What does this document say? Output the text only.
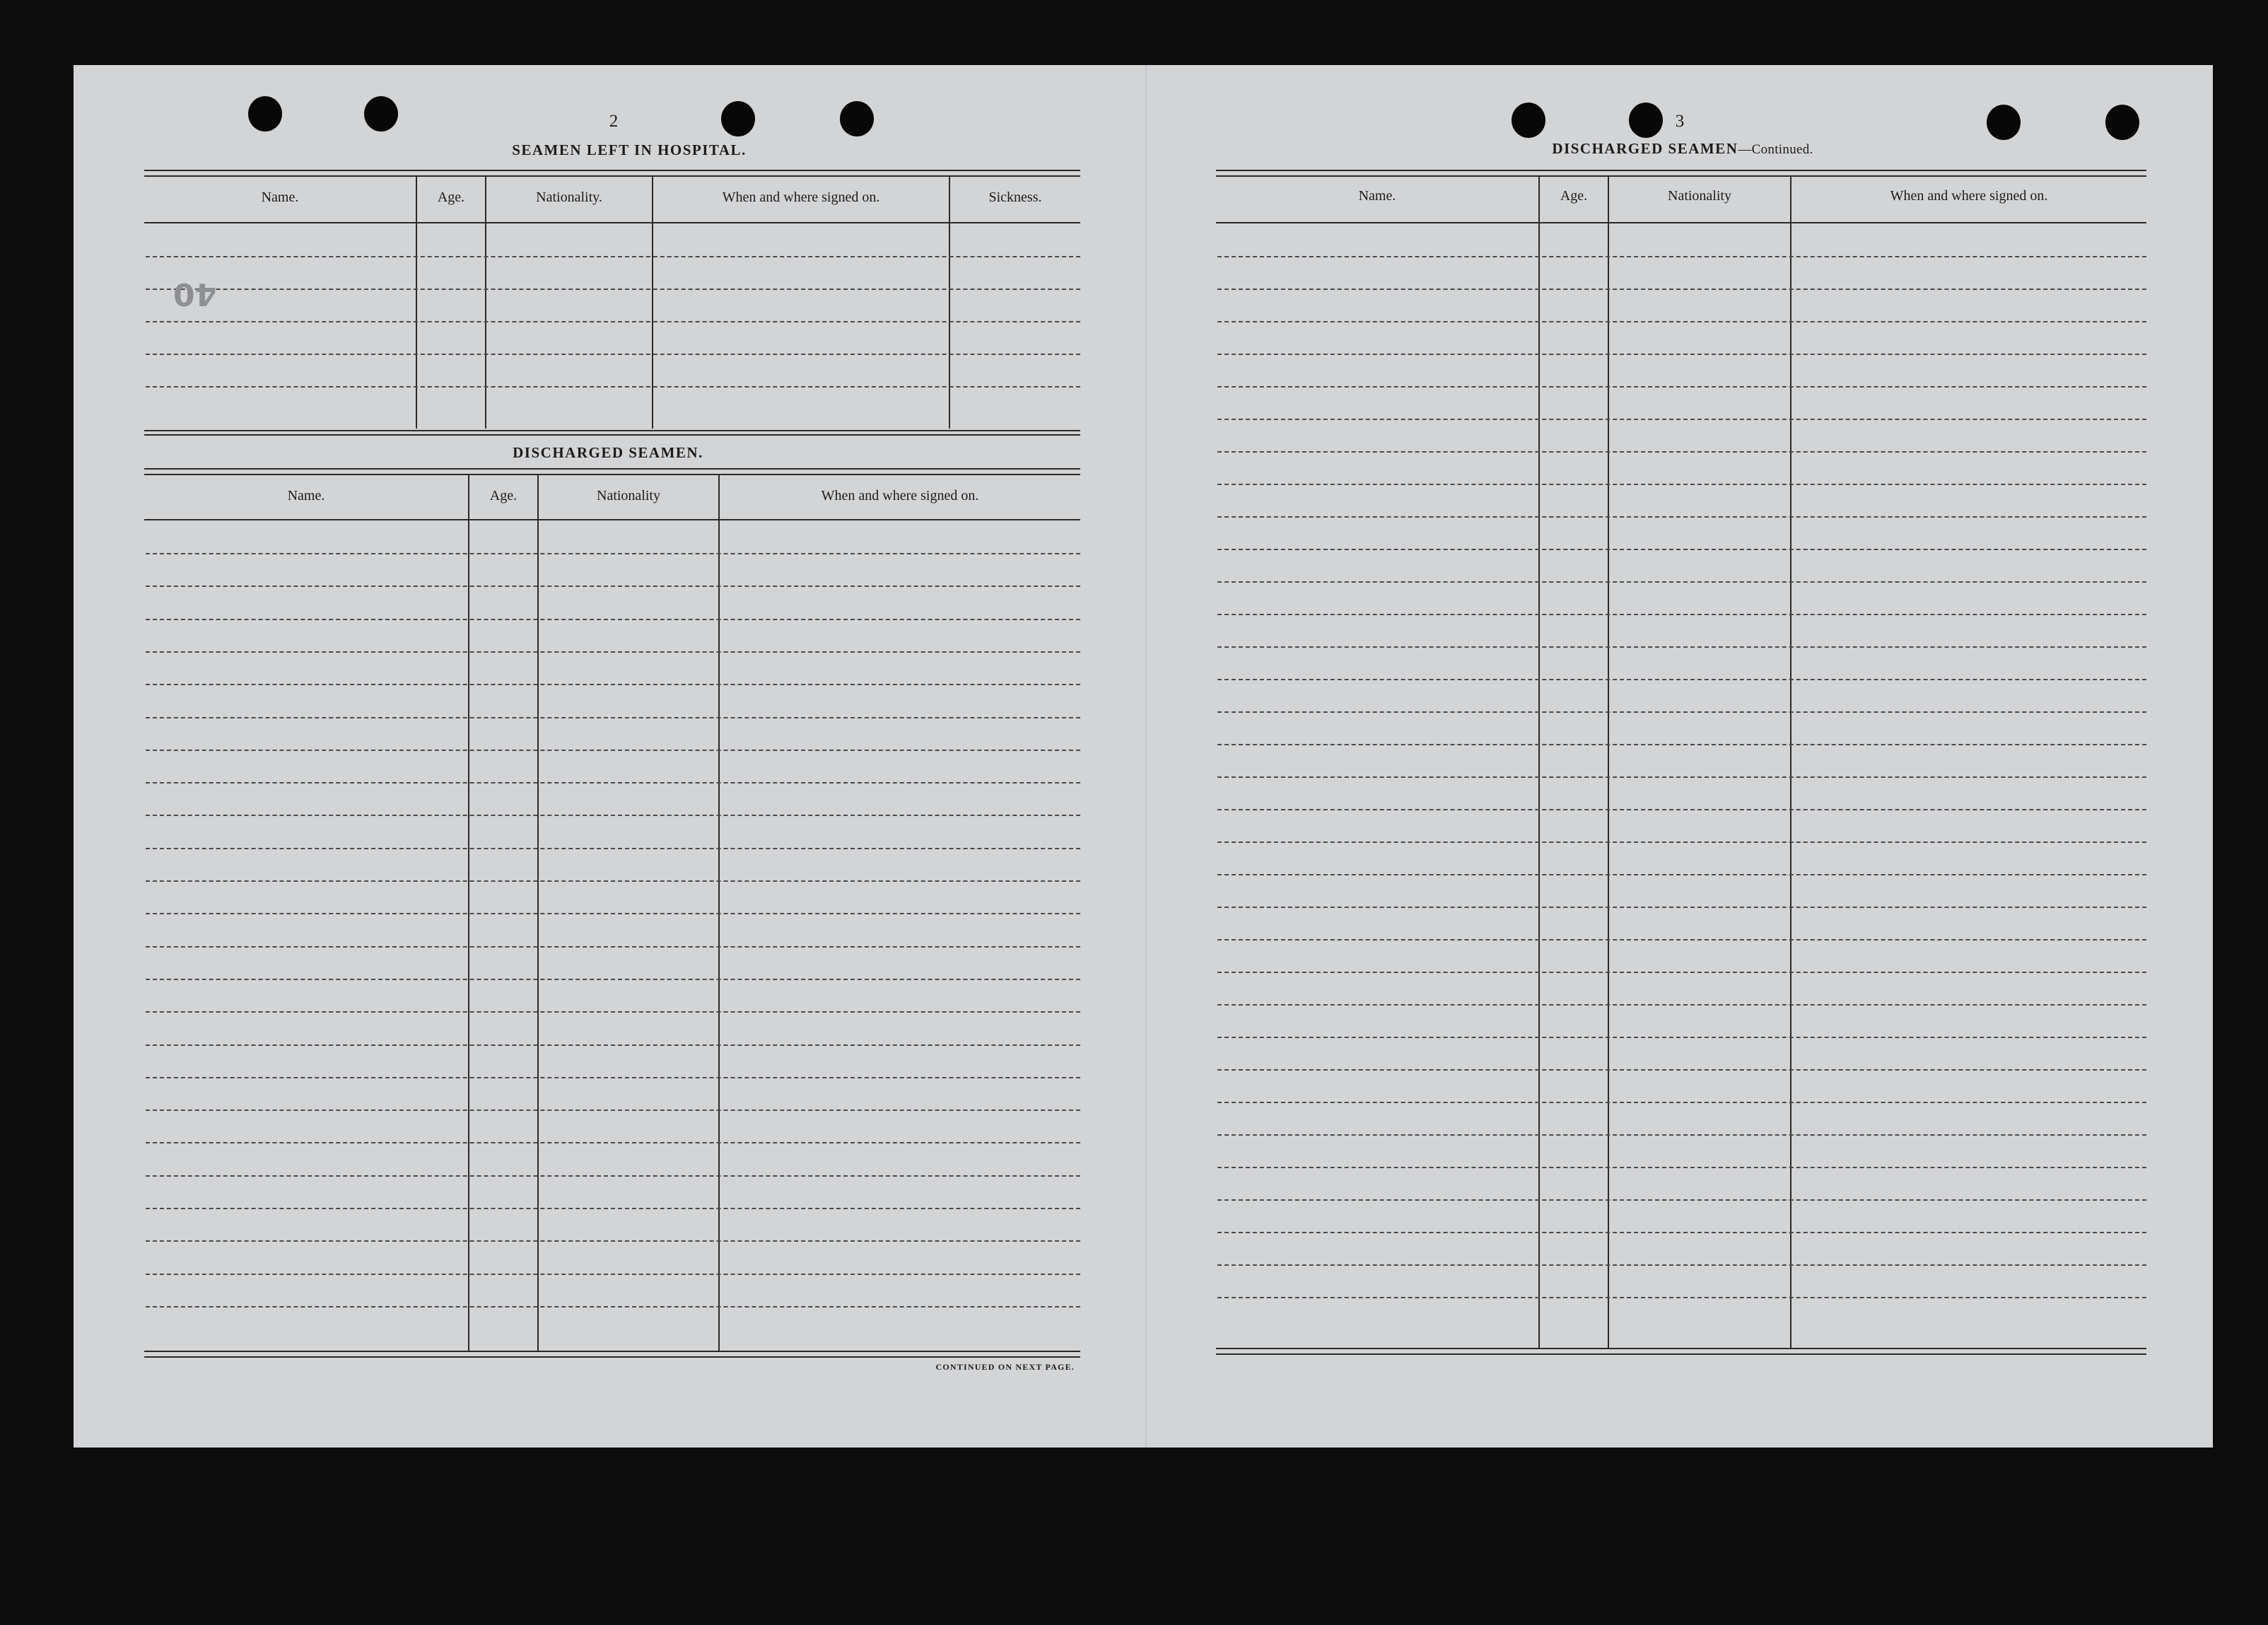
2
SEAMEN LEFT IN HOSPITAL.
Name.	Age.	Nationality.	When and where signed on.	Sickness.
40
DISCHARGED SEAMEN.
Name.	Age.	Nationality	When and where signed on.
CONTINUED ON NEXT PAGE.
3
DISCHARGED SEAMEN—Continued.
Name.	Age.	Nationality	When and where signed on.
